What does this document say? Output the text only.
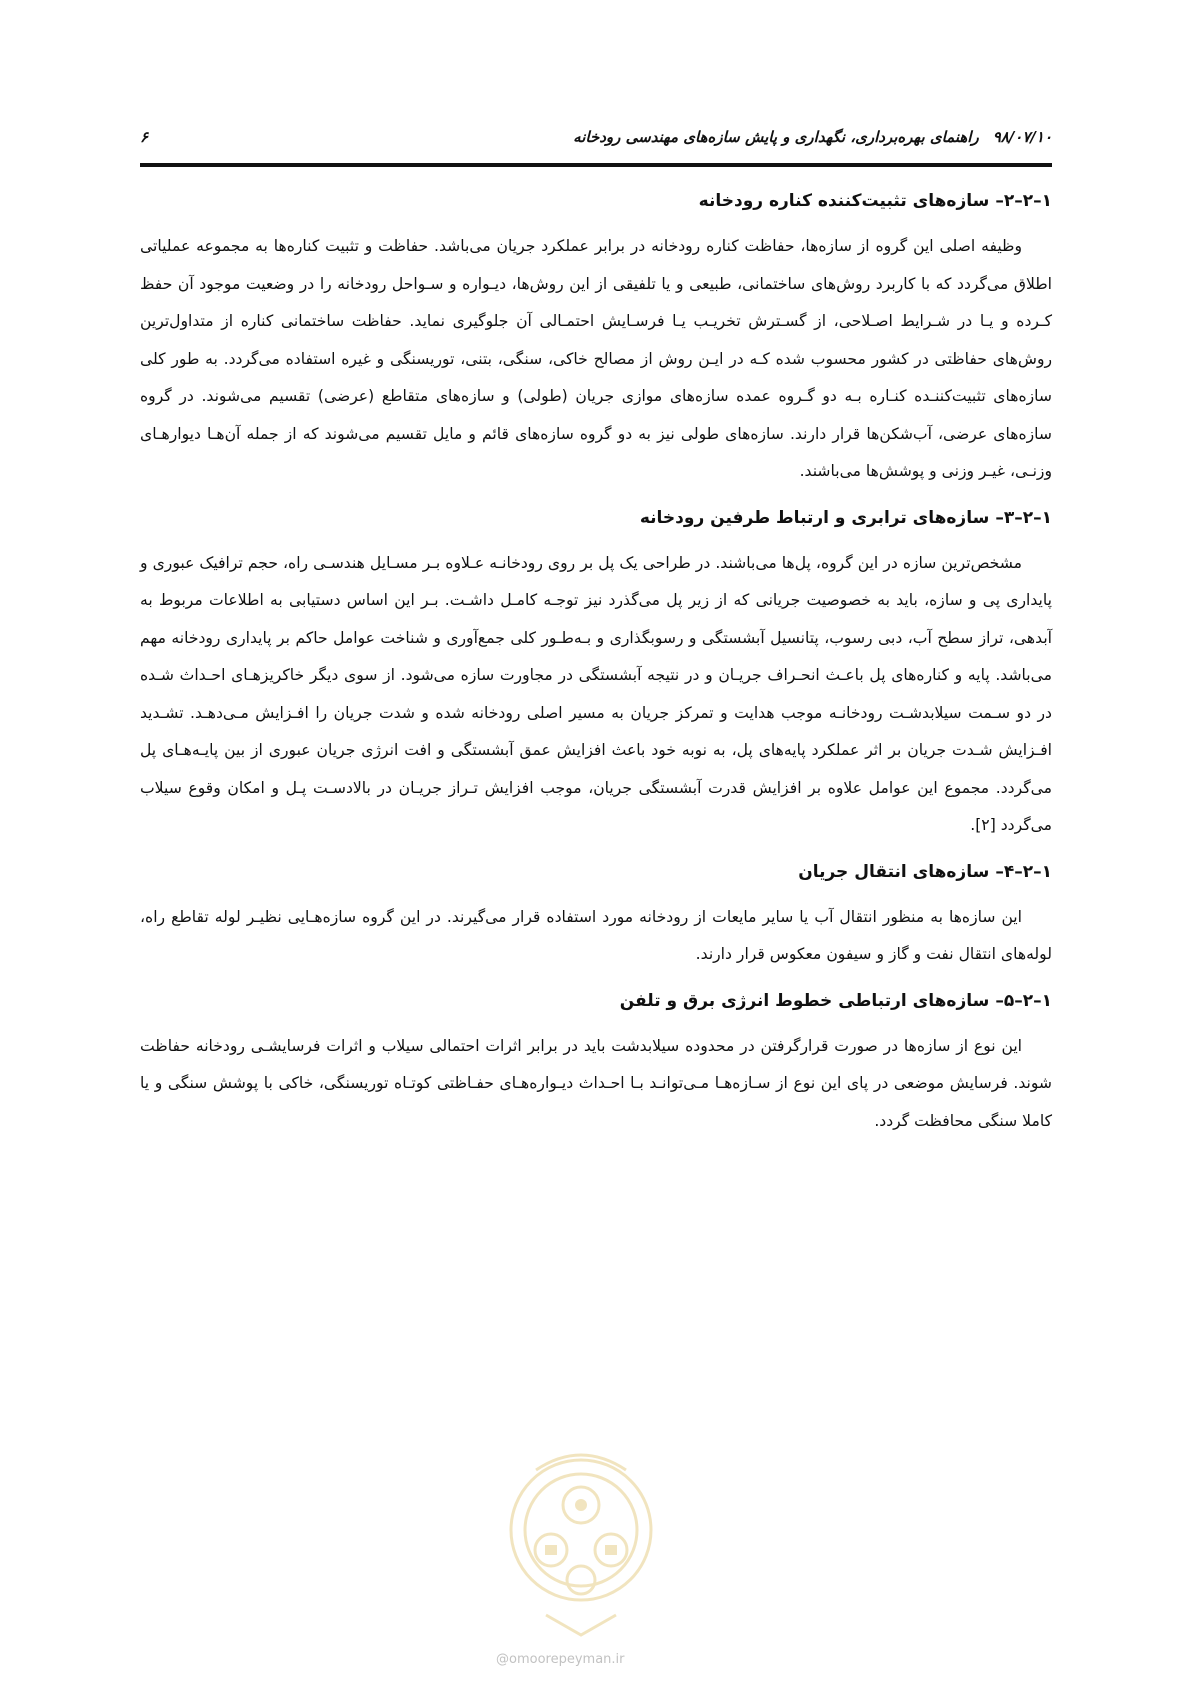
۹۸/۰۷/۱۰راهنمای بهره‌برداری، نگهداری و پایش سازه‌های مهندسی رودخانه
۶
۱–۲–۲–سازه‌های تثبیت‌کننده کناره رودخانه

وظیفه اصلی این گروه از سازه‌ها، حفاظت کناره رودخانه در برابر عملکرد جریان می‌باشد. حفاظت و تثبیت کناره‌ها به مجموعه عملیاتی اطلاق می‌گردد که با کاربرد روش‌های ساختمانی، طبیعی و یا تلفیقی از این روش‌ها، دیـواره و سـواحل رودخانه را در وضعیت موجود آن حفظ کـرده و یـا در شـرایط اصـلاحی، از گسـترش تخریـب یـا فرسـایش احتمـالی آن جلوگیری نماید. حفاظت ساختمانی کناره از متداول‌ترین روش‌های حفاظتی در کشور محسوب شده کـه در ایـن روش از مصالح خاکی، سنگی، بتنی، توریسنگی و غیره استفاده می‌گردد. به طور کلی سازه‌های تثبیت‌کننـده کنـاره بـه دو گـروه عمده سازه‌های موازی جریان (طولی) و سازه‌های متقاطع (عرضی) تقسیم می‌شوند. در گروه سازه‌های عرضی، آب‌شکن‌ها قرار دارند. سازه‌های طولی نیز به دو گروه سازه‌های قائم و مایل تقسیم می‌شوند که از جمله آن‌هـا دیوارهـای وزنـی، غیـر وزنی و پوشش‌ها می‌باشند.

۱–۲–۳–سازه‌های ترابری و ارتباط طرفین رودخانه

مشخص‌ترین سازه در این گروه، پل‌ها می‌باشند. در طراحی یک پل بر روی رودخانـه عـلاوه بـر مسـایل هندسـی راه، حجم ترافیک عبوری و پایداری پی و سازه، باید به خصوصیت جریانی که از زیر پل می‌گذرد نیز توجـه کامـل داشـت. بـر این اساس دستیابی به اطلاعات مربوط به آبدهی، تراز سطح آب، دبی رسوب، پتانسیل آبشستگی و رسوبگذاری و بـه‌طـور کلی جمع‌آوری و شناخت عوامل حاکم بر پایداری رودخانه مهم می‌باشد. پایه و کناره‌های پل باعـث انحـراف جریـان و در نتیجه آبشستگی در مجاورت سازه می‌شود. از سوی دیگر خاکریزهـای احـداث شـده در دو سـمت سیلابدشـت رودخانـه موجب هدایت و تمرکز جریان به مسیر اصلی رودخانه شده و شدت جریان را افـزایش مـی‌دهـد. تشـدید افـزایش شـدت جریان بر اثر عملکرد پایه‌های پل، به نوبه خود باعث افزایش عمق آبشستگی و افت انرژی جریان عبوری از بین پایـه‌هـای پل می‌گردد. مجموع این عوامل علاوه بر افزایش قدرت آبشستگی جریان، موجب افزایش تـراز جریـان در بالادسـت پـل و امکان وقوع سیلاب می‌گردد [۲].

۱–۲–۴–سازه‌های انتقال جریان

این سازه‌ها به منظور انتقال آب یا سایر مایعات از رودخانه مورد استفاده قرار می‌گیرند. در این گروه سازه‌هـایی نظیـر لوله تقاطع راه، لوله‌های انتقال نفت و گاز و سیفون معکوس قرار دارند.

۱–۲–۵–سازه‌های ارتباطی خطوط انرژی برق و تلفن

این نوع از سازه‌ها در صورت قرارگرفتن در محدوده سیلابدشت باید در برابر اثرات احتمالی سیلاب و اثرات فرسایشـی رودخانه حفاظت شوند. فرسایش موضعی در پای این نوع از سـازه‌هـا مـی‌توانـد بـا احـداث دیـواره‌هـای حفـاظتی کوتـاه توریسنگی، خاکی با پوشش سنگی و یا کاملا سنگی محافظت گردد.

@omoorepeyman.ir
